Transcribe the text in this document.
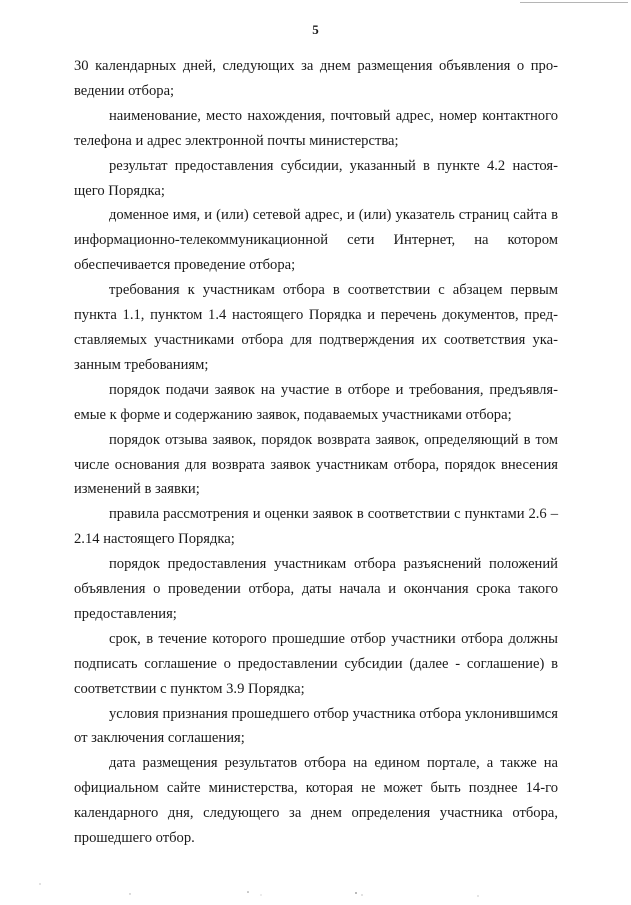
5

30 календарных дней, следующих за днем размещения объявления о проведении отбора;

наименование, место нахождения, почтовый адрес, номер контактного телефона и адрес электронной почты министерства;

результат предоставления субсидии, указанный в пункте 4.2 настоящего Порядка;

доменное имя, и (или) сетевой адрес, и (или) указатель страниц сайта в информационно-телекоммуникационной сети Интернет, на котором обеспечивается проведение отбора;

требования к участникам отбора в соответствии с абзацем первым пункта 1.1, пунктом 1.4 настоящего Порядка и перечень документов, представляемых участниками отбора для подтверждения их соответствия указанным требованиям;

порядок подачи заявок на участие в отборе и требования, предъявляемые к форме и содержанию заявок, подаваемых участниками отбора;

порядок отзыва заявок, порядок возврата заявок, определяющий в том числе основания для возврата заявок участникам отбора, порядок внесения изменений в заявки;

правила рассмотрения и оценки заявок в соответствии с пунктами 2.6 – 2.14 настоящего Порядка;

порядок предоставления участникам отбора разъяснений положений объявления о проведении отбора, даты начала и окончания срока такого предоставления;

срок, в течение которого прошедшие отбор участники отбора должны подписать соглашение о предоставлении субсидии (далее - соглашение) в соответствии с пунктом 3.9 Порядка;

условия признания прошедшего отбор участника отбора уклонившимся от заключения соглашения;

дата размещения результатов отбора на едином портале, а также на официальном сайте министерства, которая не может быть позднее 14-го календарного дня, следующего за днем определения участника отбора, прошедшего отбор.
